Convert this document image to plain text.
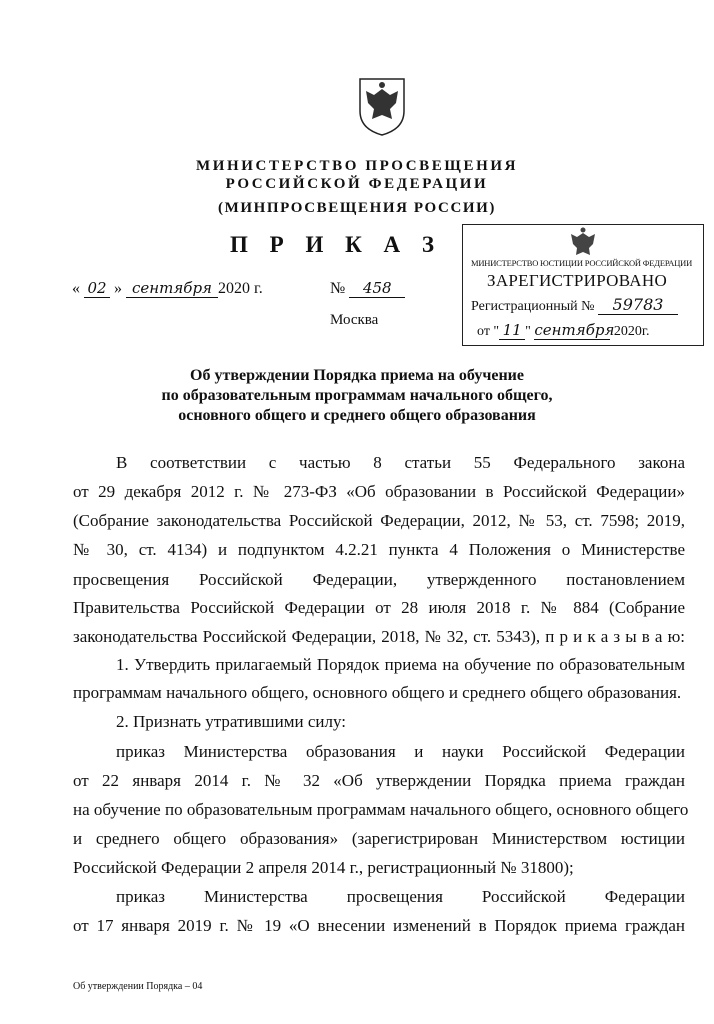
МИНИСТЕРСТВО ПРОСВЕЩЕНИЯ
РОССИЙСКОЙ ФЕДЕРАЦИИ
(МИНПРОСВЕЩЕНИЯ РОССИИ)
П Р И К А З
« 02 » сентября 2020 г.	№ 458
Москва
МИНИСТЕРСТВО ЮСТИЦИИ РОССИЙСКОЙ ФЕДЕРАЦИИ
ЗАРЕГИСТРИРОВАНО
Регистрационный № 59783
от " 11 " сентября 2020г.
Об утверждении Порядка приема на обучение
по образовательным программам начального общего,
основного общего и среднего общего образования
В соответствии с частью 8 статьи 55 Федерального закона
от 29 декабря 2012 г. № 273-ФЗ «Об образовании в Российской Федерации»
(Собрание законодательства Российской Федерации, 2012, № 53, ст. 7598; 2019,
№ 30, ст. 4134) и подпунктом 4.2.21 пункта 4 Положения о Министерстве
просвещения Российской Федерации, утвержденного постановлением
Правительства Российской Федерации от 28 июля 2018 г. № 884 (Собрание
законодательства Российской Федерации, 2018, № 32, ст. 5343), п р и к а з ы в а ю:
1. Утвердить прилагаемый Порядок приема на обучение по образовательным
программам начального общего, основного общего и среднего общего образования.
2. Признать утратившими силу:
приказ Министерства образования и науки Российской Федерации
от 22 января 2014 г. № 32 «Об утверждении Порядка приема граждан
на обучение по образовательным программам начального общего, основного общего
и среднего общего образования» (зарегистрирован Министерством юстиции
Российской Федерации 2 апреля 2014 г., регистрационный № 31800);
приказ Министерства просвещения Российской Федерации
от 17 января 2019 г. № 19 «О внесении изменений в Порядок приема граждан
Об утверждении Порядка – 04
